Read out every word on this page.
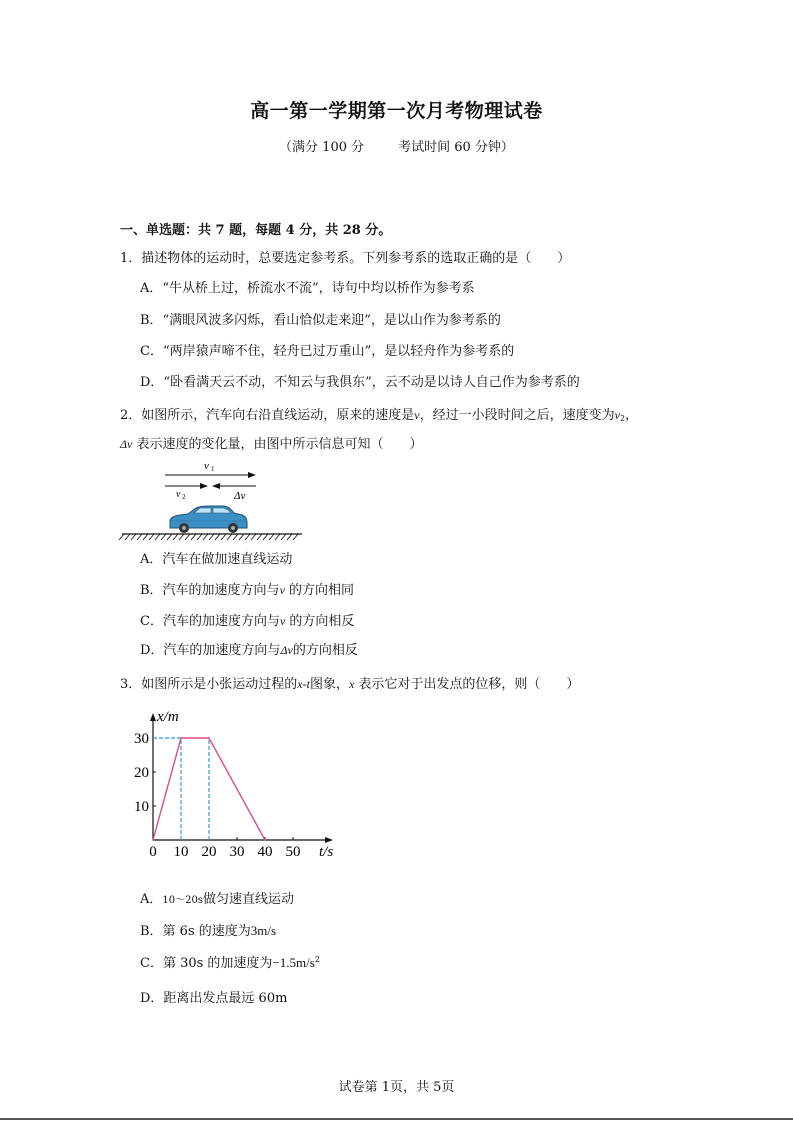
高一第一学期第一次月考物理试卷
（满分 100 分	考试时间 60 分钟）
一、单选题：共 7 题，每题 4 分，共 28 分。
1．描述物体的运动时，总要选定参考系。下列参考系的选取正确的是（　　）
A．“牛从桥上过，桥流水不流”，诗句中均以桥作为参考系
B．“满眼风波多闪烁，看山恰似走来迎”，是以山作为参考系的
C．“两岸猿声啼不住，轻舟已过万重山”，是以轻舟作为参考系的
D．“卧看满天云不动，不知云与我俱东”，云不动是以诗人自己作为参考系的
2．如图所示，汽车向右沿直线运动，原来的速度是v，经过一小段时间之后，速度变为$v_2$，
Δv 表示速度的变化量，由图中所示信息可知（　　）
v 1
v 2	Δv
A．汽车在做加速直线运动
B．汽车的加速度方向与v 的方向相同
C．汽车的加速度方向与v 的方向相反
D．汽车的加速度方向与Δv的方向相反
3．如图所示是小张运动过程的x-t图象，x 表示它对于出发点的位移，则（　　）
0 10 20 30 40 50
10
20
30
x/m
t/s
A．10～20s做匀速直线运动
B．第 6s 的速度为3m/s
C．第 30s 的加速度为$-1.5m/s^2$
D．距离出发点最远 60m
试卷第 1页，共 5页
